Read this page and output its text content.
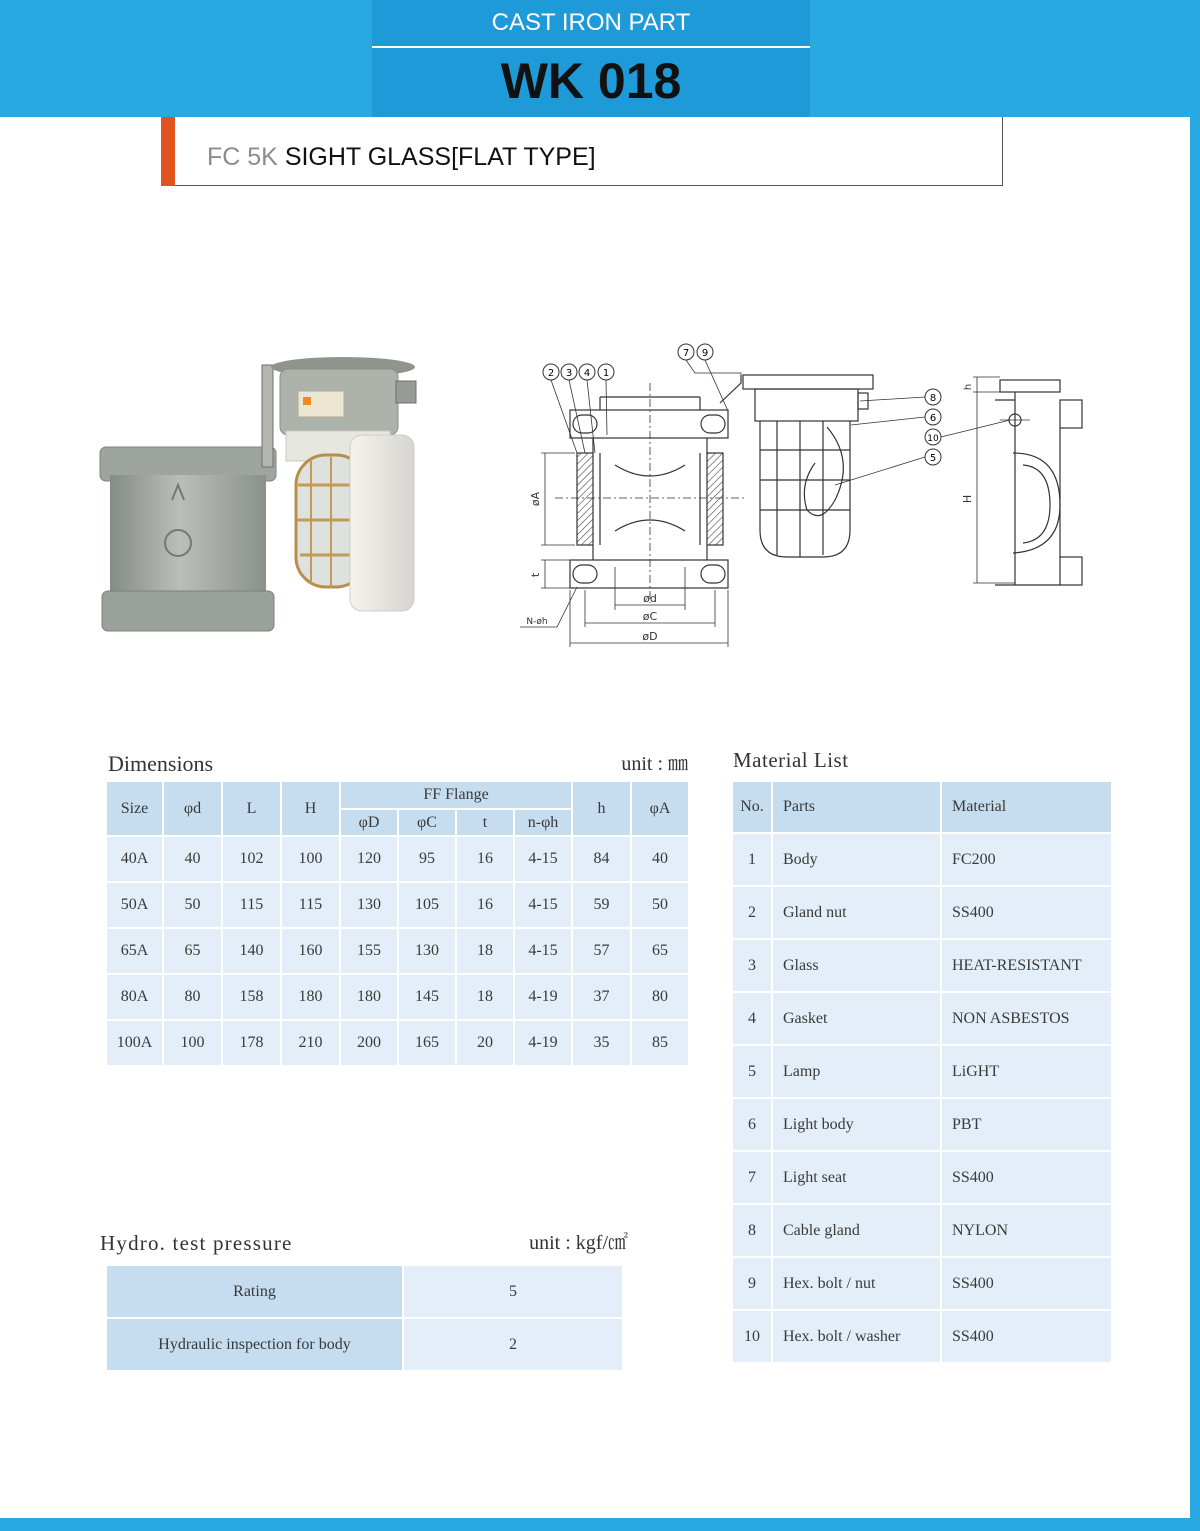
CAST IRON PART
WK 018
FC 5K SIGHT GLASS[FLAT TYPE]
2 3 4 1
7 9
8
6
10
5
øA
t
N-øh
ød
øC
øD
H
h
Dimensions	unit : ㎜
Size	φd	L	H	FF Flange				h	φA
				φD	φC	t	n-φh		
40A	40	102	100	120	95	16	4-15	84	40
50A	50	115	115	130	105	16	4-15	59	50
65A	65	140	160	155	130	18	4-15	57	65
80A	80	158	180	180	145	18	4-19	37	80
100A	100	178	210	200	165	20	4-19	35	85
Material List
No.	Parts	Material
1	Body	FC200
2	Gland nut	SS400
3	Glass	HEAT-RESISTANT
4	Gasket	NON ASBESTOS
5	Lamp	LiGHT
6	Light body	PBT
7	Light seat	SS400
8	Cable gland	NYLON
9	Hex. bolt / nut	SS400
10	Hex. bolt / washer	SS400
Hydro. test pressure	unit : kgf/㎠
Rating	5
Hydraulic inspection for body	2
